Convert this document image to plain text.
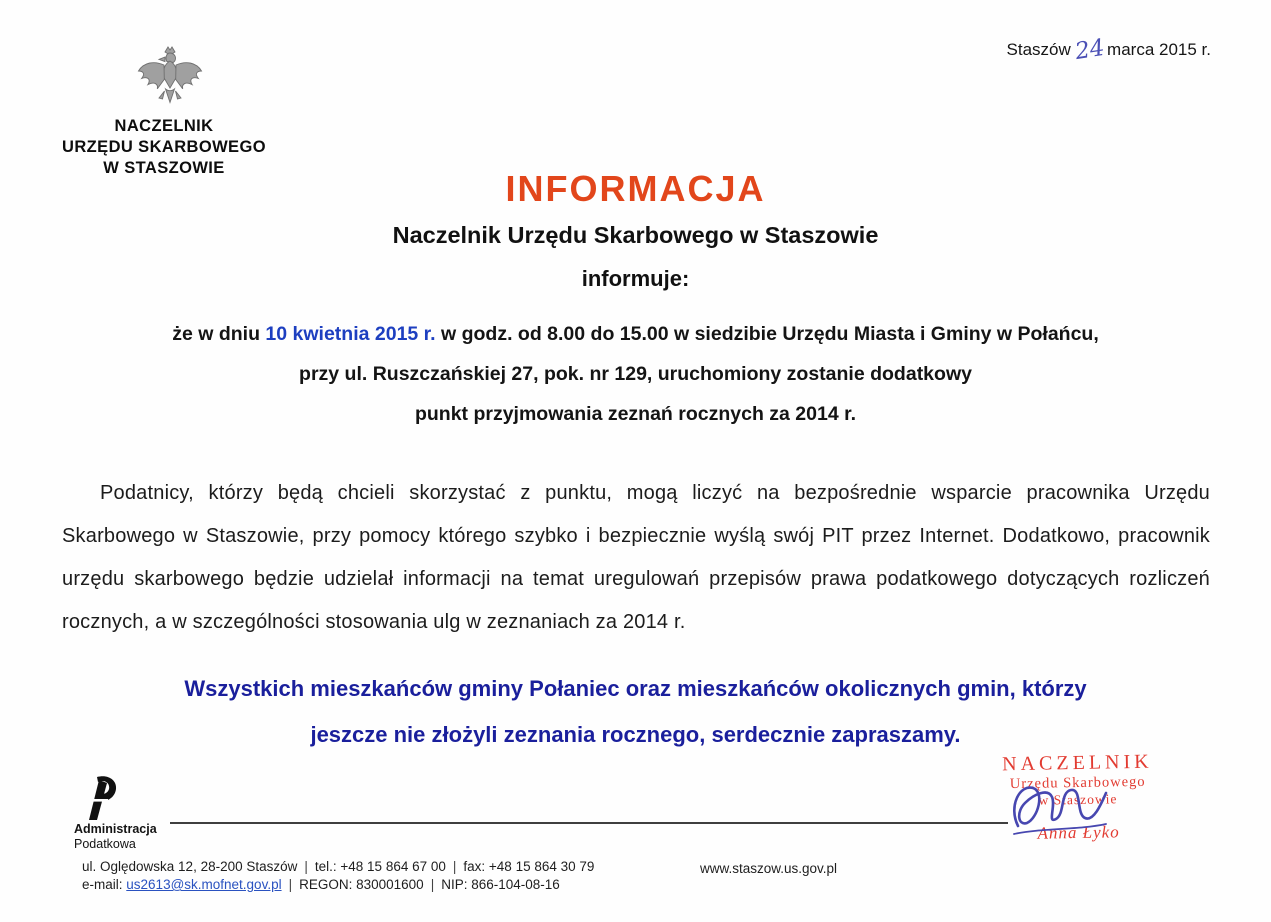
Staszów 24marca 2015 r.
NACZELNIK
URZĘDU SKARBOWEGO
W STASZOWIE	INFORMACJA
Naczelnik Urzędu Skarbowego w Staszowie
informuje:
że w dniu 10 kwietnia 2015 r. w godz. od 8.00 do 15.00 w siedzibie Urzędu Miasta i Gminy w Połańcu,
przy ul. Ruszczańskiej 27, pok. nr 129, uruchomiony zostanie dodatkowy
punkt przyjmowania zeznań rocznych za 2014 r.
Podatnicy, którzy będą chcieli skorzystać z punktu, mogą liczyć na bezpośrednie wsparcie pracownika Urzędu Skarbowego w Staszowie, przy pomocy którego szybko i bezpiecznie wyślą swój PIT przez Internet. Dodatkowo, pracownik urzędu skarbowego będzie udzielał informacji na temat uregulowań przepisów prawa podatkowego dotyczących rozliczeń rocznych, a w szczególności stosowania ulg w zeznaniach za 2014 r.
Wszystkich mieszkańców gminy Połaniec oraz mieszkańców okolicznych gmin, którzy
jeszcze nie złożyli zeznania rocznego, serdecznie zapraszamy.
Administracja
Podatkowa
NACZELNIK
Urzędu Skarbowego
w Staszowie
Anna Łyko
ul. Oględowska 12, 28-200 Staszów | tel.: +48 15 864 67 00 | fax: +48 15 864 30 79
e-mail: us2613@sk.mofnet.gov.pl | REGON: 830001600 | NIP: 866-104-08-16
www.staszow.us.gov.pl
